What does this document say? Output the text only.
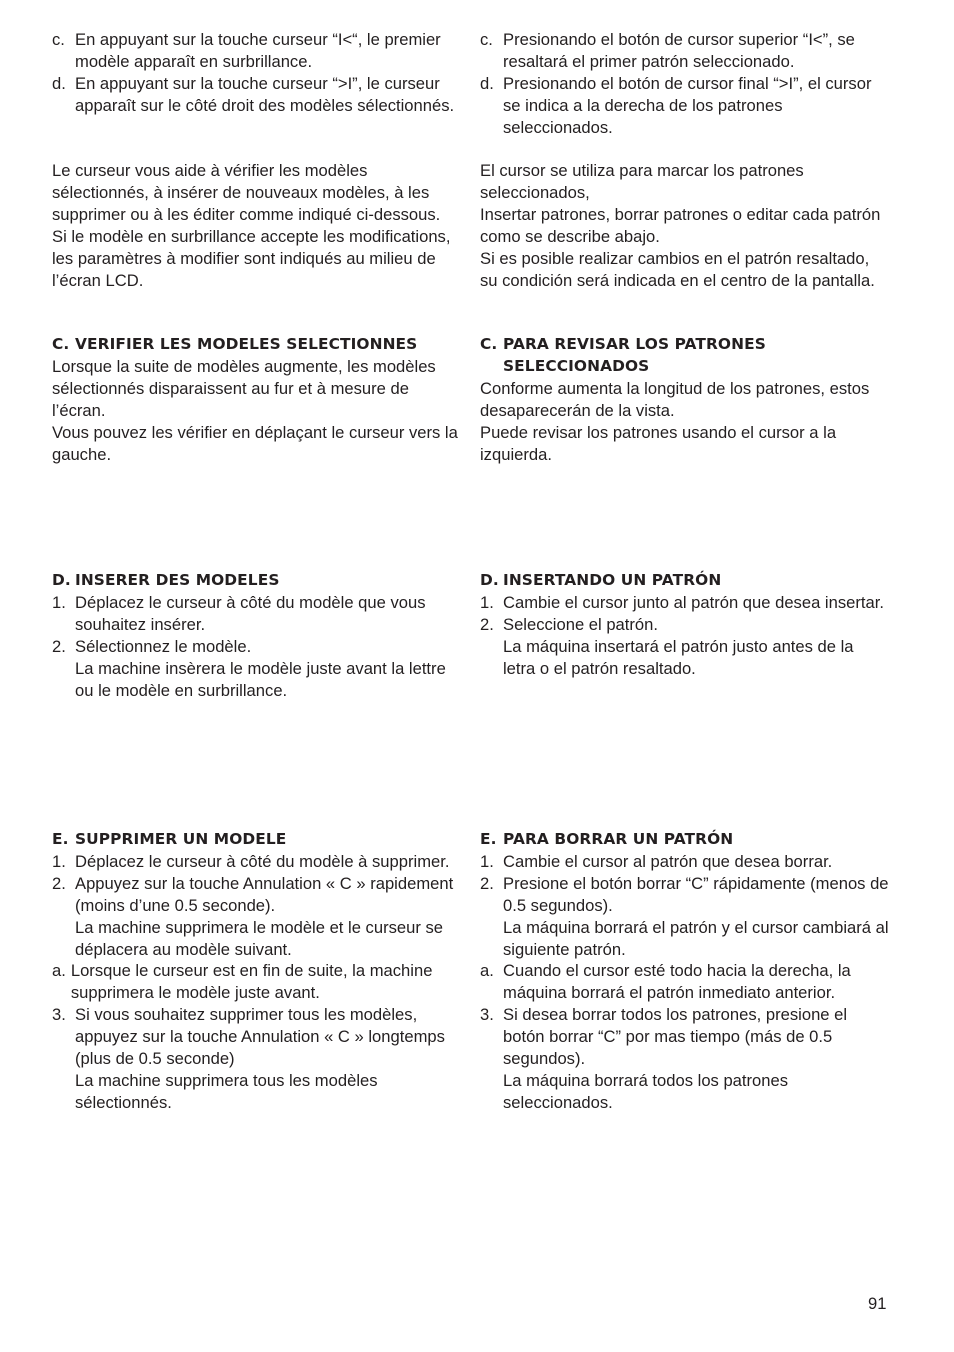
c. En appuyant sur la touche curseur “I<“, le premier modèle apparaît en surbrillance.
d. En appuyant sur la touche curseur “>I”, le curseur apparaît sur le côté droit des modèles sélectionnés.

Le curseur vous aide à vérifier les modèles sélectionnés, à insérer de nouveaux modèles, à les supprimer ou à les éditer comme indiqué ci-dessous.

Si le modèle en surbrillance accepte les modifications, les paramètres à modifier sont indiqués au milieu de l’écran LCD.

C. VERIFIER LES MODELES SELECTIONNES

Lorsque la suite de modèles augmente, les modèles sélectionnés disparaissent au fur et à mesure de l’écran.

Vous pouvez les vérifier en déplaçant le curseur vers la gauche.

D. INSERER DES MODELES
1. Déplacez le curseur à côté du modèle que vous souhaitez insérer.
2. Sélectionnez le modèle.

La machine insèrera le modèle juste avant la lettre ou le modèle en surbrillance.

E. SUPPRIMER UN MODELE
1. Déplacez le curseur à côté du modèle à supprimer.
2. Appuyez sur la touche Annulation « C » rapidement (moins d’une 0.5 seconde).

La machine supprimera le modèle et le curseur se déplacera au modèle suivant.

a. Lorsque le curseur est en fin de suite, la machine supprimera le modèle juste avant.
3. Si vous souhaitez supprimer tous les modèles, appuyez sur la touche Annulation « C » longtemps (plus de 0.5 seconde)

La machine supprimera tous les modèles sélectionnés.

c. Presionando el botón de cursor superior “I<”, se resaltará el primer patrón seleccionado.
d. Presionando el botón de cursor final “>I”, el cursor se indica a la derecha de los patrones seleccionados.

El cursor se utiliza para marcar los patrones seleccionados,

Insertar patrones, borrar patrones o editar cada patrón como se describe abajo.

Si es posible realizar cambios en el patrón resaltado, su condición será indicada en el centro de la pantalla.

C. PARA REVISAR LOS PATRONES SELECCIONADOS

Conforme aumenta la longitud de los patrones, estos desaparecerán de la vista.

Puede revisar los patrones usando el cursor a la izquierda.

D. INSERTANDO UN PATRÓN
1. Cambie el cursor junto al patrón que desea insertar.
2. Seleccione el patrón.

La máquina insertará el patrón justo antes de la letra o el patrón resaltado.

E. PARA BORRAR UN PATRÓN
1. Cambie el cursor al patrón que desea borrar.
2. Presione el botón borrar “C” rápidamente (menos de 0.5 segundos).

La máquina borrará el patrón y el cursor cambiará al siguiente patrón.

a. Cuando el cursor esté todo hacia la derecha, la máquina borrará el patrón inmediato anterior.
3. Si desea borrar todos los patrones, presione el botón borrar “C” por mas tiempo (más de 0.5 segundos).

La máquina borrará todos los patrones seleccionados.

91
